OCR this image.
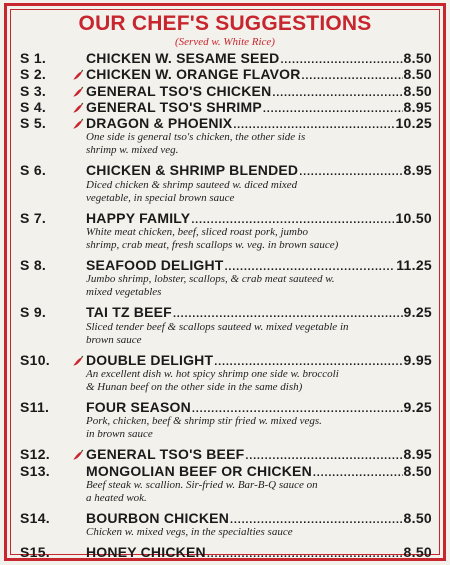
OUR CHEF'S SUGGESTIONS
(Served w. White Rice)
S 1.	CHICKEN W. SESAME SEED .....	8.50
S 2.	CHICKEN W. ORANGE FLAVOR .....	8.50
S 3.	GENERAL TSO'S CHICKEN .....	8.50
S 4.	GENERAL TSO'S SHRIMP .....	8.95
S 5.	DRAGON & PHOENIX .....	10.25
One side is general tso's chicken, the other side is
shrimp w. mixed veg.
S 6.	CHICKEN & SHRIMP BLENDED .....	8.95
Diced chicken & shrimp sauteed w. diced mixed
vegetable, in special brown sauce
S 7.	HAPPY FAMILY .....	10.50
White meat chicken, beef, sliced roast pork, jumbo
shrimp, crab meat, fresh scallops w. veg. in brown sauce)
S 8.	SEAFOOD DELIGHT .....	11.25
Jumbo shrimp, lobster, scallops, & crab meat sauteed w.
mixed vegetables
S 9.	TAI TZ BEEF .....	9.25
Sliced tender beef & scallops sauteed w. mixed vegetable in
brown sauce
S10.	DOUBLE DELIGHT .....	9.95
An excellent dish w. hot spicy shrimp one side w. broccoli
& Hunan beef on the other side in the same dish)
S11.	FOUR SEASON .....	9.25
Pork, chicken, beef & shrimp stir fried w. mixed vegs.
in brown sauce
S12.	GENERAL TSO'S BEEF .....	8.95
S13.	MONGOLIAN BEEF OR CHICKEN .....	8.50
Beef steak w. scallion. Sir-fried w. Bar-B-Q sauce on
a heated wok.
S14.	BOURBON CHICKEN .....	8.50
Chicken w. mixed vegs, in the specialties sauce
S15.	HONEY CHICKEN .....	8.50
